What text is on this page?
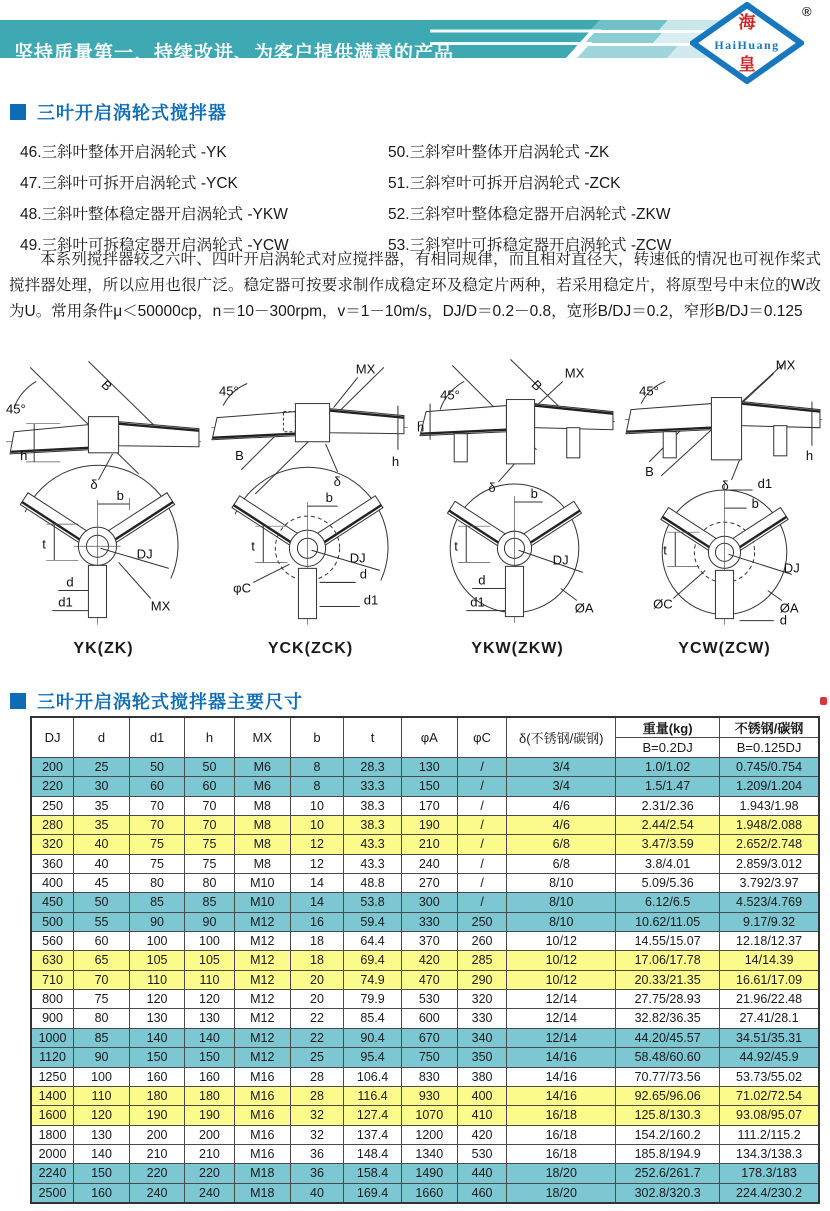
坚持质量第一，持续改进、为客户提供满意的产品
海
HaiHuang
皇
®
三叶开启涡轮式搅拌器
46.三斜叶整体开启涡轮式 -YK
47.三斜叶可拆开启涡轮式 -YCK
48.三斜叶整体稳定器开启涡轮式 -YKW
49.三斜叶可拆稳定器开启涡轮式 -YCW
50.三斜窄叶整体开启涡轮式 -ZK
51.三斜窄叶可拆开启涡轮式 -ZCK
52.三斜窄叶整体稳定器开启涡轮式 -ZKW
53.三斜窄叶可拆稳定器开启涡轮式 -ZCW
本系列搅拌器较之六叶、四叶开启涡轮式对应搅拌器，有相同规律，而且相对直径大，转速低的情况也可视作桨式搅拌器处理，所以应用也很广泛。稳定器可按要求制作成稳定环及稳定片两种，若采用稳定片，将原型号中末位的W改为U。常用条件μ＜50000cp，n＝10－300rpm，v＝1－10m/s，DJ/D＝0.2－0.8，宽形B/DJ＝0.2，窄形B/DJ＝0.125
45°
B
h
δ
b
t
DJ
d
d1	MX
YK(ZK)
45°
MX
B
δ
h
b
t
DJ
φC
d
d1
YCK(ZCK)
45°
B
MX
h
δ	b
t
DJ
ØA
d
d1
YKW(ZKW)
45°
MX
B
δ
h
d1
b
t
DJ
ØA
ØC
d
YCW(ZCW)
三叶开启涡轮式搅拌器主要尺寸
DJ	d	d1	h	MX	b	t	φA	φC	δ(不锈钢/碳钢)	重量(kg)	不锈钢/碳钢
										B=0.2DJ	B=0.125DJ
200	25	50	50	M6	8	28.3	130	/	3/4	1.0/1.02	0.745/0.754
220	30	60	60	M6	8	33.3	150	/	3/4	1.5/1.47	1.209/1.204
250	35	70	70	M8	10	38.3	170	/	4/6	2.31/2.36	1.943/1.98
280	35	70	70	M8	10	38.3	190	/	4/6	2.44/2.54	1.948/2.088
320	40	75	75	M8	12	43.3	210	/	6/8	3.47/3.59	2.652/2.748
360	40	75	75	M8	12	43.3	240	/	6/8	3.8/4.01	2.859/3.012
400	45	80	80	M10	14	48.8	270	/	8/10	5.09/5.36	3.792/3.97
450	50	85	85	M10	14	53.8	300	/	8/10	6.12/6.5	4.523/4.769
500	55	90	90	M12	16	59.4	330	250	8/10	10.62/11.05	9.17/9.32
560	60	100	100	M12	18	64.4	370	260	10/12	14.55/15.07	12.18/12.37
630	65	105	105	M12	18	69.4	420	285	10/12	17.06/17.78	14/14.39
710	70	110	110	M12	20	74.9	470	290	10/12	20.33/21.35	16.61/17.09
800	75	120	120	M12	20	79.9	530	320	12/14	27.75/28.93	21.96/22.48
900	80	130	130	M12	22	85.4	600	330	12/14	32.82/36.35	27.41/28.1
1000	85	140	140	M12	22	90.4	670	340	12/14	44.20/45.57	34.51/35.31
1120	90	150	150	M12	25	95.4	750	350	14/16	58.48/60.60	44.92/45.9
1250	100	160	160	M16	28	106.4	830	380	14/16	70.77/73.56	53.73/55.02
1400	110	180	180	M16	28	116.4	930	400	14/16	92.65/96.06	71.02/72.54
1600	120	190	190	M16	32	127.4	1070	410	16/18	125.8/130.3	93.08/95.07
1800	130	200	200	M16	32	137.4	1200	420	16/18	154.2/160.2	111.2/115.2
2000	140	210	210	M16	36	148.4	1340	530	16/18	185.8/194.9	134.3/138.3
2240	150	220	220	M18	36	158.4	1490	440	18/20	252.6/261.7	178.3/183
2500	160	240	240	M18	40	169.4	1660	460	18/20	302.8/320.3	224.4/230.2
